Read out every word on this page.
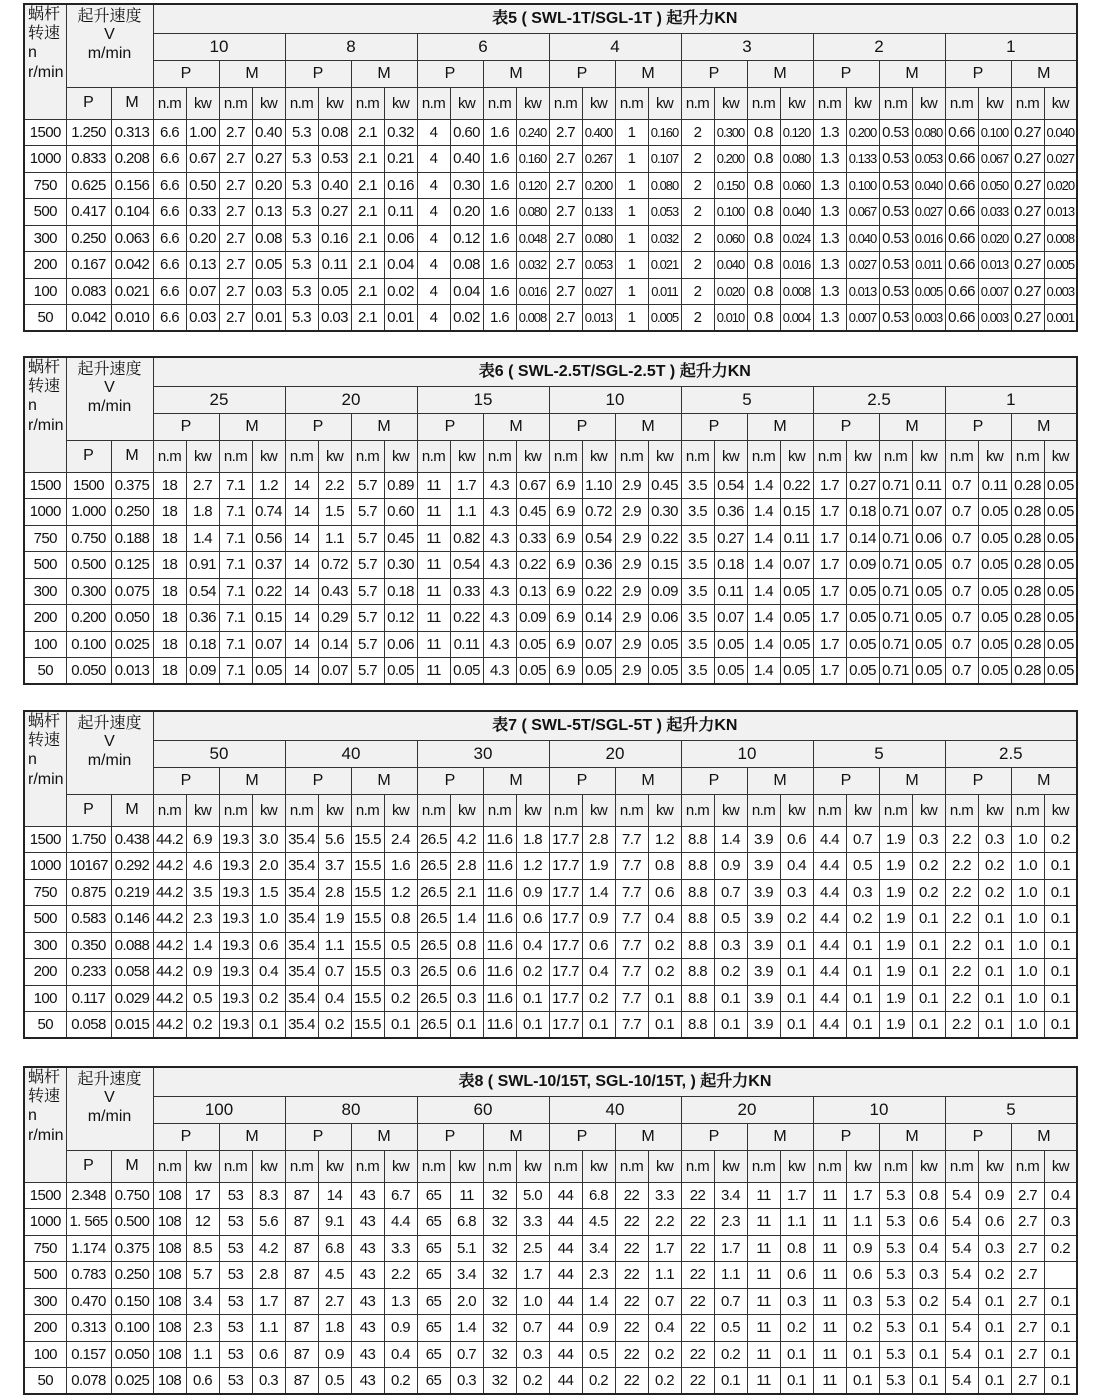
蜗杆
转速
n
r/min	起升速度
V
m/min		表5 ( SWL-1T/SGL-1T ) 起升力KN																											
			10				8				6				4				3				2				1			
			P		M		P		M		P		M		P		M		P		M		P		M		P		M	
	P	M	n.m	kw	n.m	kw	n.m	kw	n.m	kw	n.m	kw	n.m	kw	n.m	kw	n.m	kw	n.m	kw	n.m	kw	n.m	kw	n.m	kw	n.m	kw	n.m	kw
1500	1.250	0.313	6.6	1.00	2.7	0.40	5.3	0.08	2.1	0.32	4	0.60	1.6	0.240	2.7	0.400	1	0.160	2	0.300	0.8	0.120	1.3	0.200	0.53	0.080	0.66	0.100	0.27	0.040
1000	0.833	0.208	6.6	0.67	2.7	0.27	5.3	0.53	2.1	0.21	4	0.40	1.6	0.160	2.7	0.267	1	0.107	2	0.200	0.8	0.080	1.3	0.133	0.53	0.053	0.66	0.067	0.27	0.027
750	0.625	0.156	6.6	0.50	2.7	0.20	5.3	0.40	2.1	0.16	4	0.30	1.6	0.120	2.7	0.200	1	0.080	2	0.150	0.8	0.060	1.3	0.100	0.53	0.040	0.66	0.050	0.27	0.020
500	0.417	0.104	6.6	0.33	2.7	0.13	5.3	0.27	2.1	0.11	4	0.20	1.6	0.080	2.7	0.133	1	0.053	2	0.100	0.8	0.040	1.3	0.067	0.53	0.027	0.66	0.033	0.27	0.013
300	0.250	0.063	6.6	0.20	2.7	0.08	5.3	0.16	2.1	0.06	4	0.12	1.6	0.048	2.7	0.080	1	0.032	2	0.060	0.8	0.024	1.3	0.040	0.53	0.016	0.66	0.020	0.27	0.008
200	0.167	0.042	6.6	0.13	2.7	0.05	5.3	0.11	2.1	0.04	4	0.08	1.6	0.032	2.7	0.053	1	0.021	2	0.040	0.8	0.016	1.3	0.027	0.53	0.011	0.66	0.013	0.27	0.005
100	0.083	0.021	6.6	0.07	2.7	0.03	5.3	0.05	2.1	0.02	4	0.04	1.6	0.016	2.7	0.027	1	0.011	2	0.020	0.8	0.008	1.3	0.013	0.53	0.005	0.66	0.007	0.27	0.003
50	0.042	0.010	6.6	0.03	2.7	0.01	5.3	0.03	2.1	0.01	4	0.02	1.6	0.008	2.7	0.013	1	0.005	2	0.010	0.8	0.004	1.3	0.007	0.53	0.003	0.66	0.003	0.27	0.001
蜗杆
转速
n
r/min	起升速度
V
m/min		表6 ( SWL-2.5T/SGL-2.5T ) 起升力KN																											
			25				20				15				10				5				2.5				1			
			P		M		P		M		P		M		P		M		P		M		P		M		P		M	
	P	M	n.m	kw	n.m	kw	n.m	kw	n.m	kw	n.m	kw	n.m	kw	n.m	kw	n.m	kw	n.m	kw	n.m	kw	n.m	kw	n.m	kw	n.m	kw	n.m	kw
1500	1500	0.375	18	2.7	7.1	1.2	14	2.2	5.7	0.89	11	1.7	4.3	0.67	6.9	1.10	2.9	0.45	3.5	0.54	1.4	0.22	1.7	0.27	0.71	0.11	0.7	0.11	0.28	0.05
1000	1.000	0.250	18	1.8	7.1	0.74	14	1.5	5.7	0.60	11	1.1	4.3	0.45	6.9	0.72	2.9	0.30	3.5	0.36	1.4	0.15	1.7	0.18	0.71	0.07	0.7	0.05	0.28	0.05
750	0.750	0.188	18	1.4	7.1	0.56	14	1.1	5.7	0.45	11	0.82	4.3	0.33	6.9	0.54	2.9	0.22	3.5	0.27	1.4	0.11	1.7	0.14	0.71	0.06	0.7	0.05	0.28	0.05
500	0.500	0.125	18	0.91	7.1	0.37	14	0.72	5.7	0.30	11	0.54	4.3	0.22	6.9	0.36	2.9	0.15	3.5	0.18	1.4	0.07	1.7	0.09	0.71	0.05	0.7	0.05	0.28	0.05
300	0.300	0.075	18	0.54	7.1	0.22	14	0.43	5.7	0.18	11	0.33	4.3	0.13	6.9	0.22	2.9	0.09	3.5	0.11	1.4	0.05	1.7	0.05	0.71	0.05	0.7	0.05	0.28	0.05
200	0.200	0.050	18	0.36	7.1	0.15	14	0.29	5.7	0.12	11	0.22	4.3	0.09	6.9	0.14	2.9	0.06	3.5	0.07	1.4	0.05	1.7	0.05	0.71	0.05	0.7	0.05	0.28	0.05
100	0.100	0.025	18	0.18	7.1	0.07	14	0.14	5.7	0.06	11	0.11	4.3	0.05	6.9	0.07	2.9	0.05	3.5	0.05	1.4	0.05	1.7	0.05	0.71	0.05	0.7	0.05	0.28	0.05
50	0.050	0.013	18	0.09	7.1	0.05	14	0.07	5.7	0.05	11	0.05	4.3	0.05	6.9	0.05	2.9	0.05	3.5	0.05	1.4	0.05	1.7	0.05	0.71	0.05	0.7	0.05	0.28	0.05
蜗杆
转速
n
r/min	起升速度
V
m/min		表7 ( SWL-5T/SGL-5T ) 起升力KN																											
			50				40				30				20				10				5				2.5			
			P		M		P		M		P		M		P		M		P		M		P		M		P		M	
	P	M	n.m	kw	n.m	kw	n.m	kw	n.m	kw	n.m	kw	n.m	kw	n.m	kw	n.m	kw	n.m	kw	n.m	kw	n.m	kw	n.m	kw	n.m	kw	n.m	kw
1500	1.750	0.438	44.2	6.9	19.3	3.0	35.4	5.6	15.5	2.4	26.5	4.2	11.6	1.8	17.7	2.8	7.7	1.2	8.8	1.4	3.9	0.6	4.4	0.7	1.9	0.3	2.2	0.3	1.0	0.2
1000	10167	0.292	44.2	4.6	19.3	2.0	35.4	3.7	15.5	1.6	26.5	2.8	11.6	1.2	17.7	1.9	7.7	0.8	8.8	0.9	3.9	0.4	4.4	0.5	1.9	0.2	2.2	0.2	1.0	0.1
750	0.875	0.219	44.2	3.5	19.3	1.5	35.4	2.8	15.5	1.2	26.5	2.1	11.6	0.9	17.7	1.4	7.7	0.6	8.8	0.7	3.9	0.3	4.4	0.3	1.9	0.2	2.2	0.2	1.0	0.1
500	0.583	0.146	44.2	2.3	19.3	1.0	35.4	1.9	15.5	0.8	26.5	1.4	11.6	0.6	17.7	0.9	7.7	0.4	8.8	0.5	3.9	0.2	4.4	0.2	1.9	0.1	2.2	0.1	1.0	0.1
300	0.350	0.088	44.2	1.4	19.3	0.6	35.4	1.1	15.5	0.5	26.5	0.8	11.6	0.4	17.7	0.6	7.7	0.2	8.8	0.3	3.9	0.1	4.4	0.1	1.9	0.1	2.2	0.1	1.0	0.1
200	0.233	0.058	44.2	0.9	19.3	0.4	35.4	0.7	15.5	0.3	26.5	0.6	11.6	0.2	17.7	0.4	7.7	0.2	8.8	0.2	3.9	0.1	4.4	0.1	1.9	0.1	2.2	0.1	1.0	0.1
100	0.117	0.029	44.2	0.5	19.3	0.2	35.4	0.4	15.5	0.2	26.5	0.3	11.6	0.1	17.7	0.2	7.7	0.1	8.8	0.1	3.9	0.1	4.4	0.1	1.9	0.1	2.2	0.1	1.0	0.1
50	0.058	0.015	44.2	0.2	19.3	0.1	35.4	0.2	15.5	0.1	26.5	0.1	11.6	0.1	17.7	0.1	7.7	0.1	8.8	0.1	3.9	0.1	4.4	0.1	1.9	0.1	2.2	0.1	1.0	0.1
蜗杆
转速
n
r/min	起升速度
V
m/min		表8 ( SWL-10/15T, SGL-10/15T, ) 起升力KN																											
			100				80				60				40				20				10				5			
			P		M		P		M		P		M		P		M		P		M		P		M		P		M	
	P	M	n.m	kw	n.m	kw	n.m	kw	n.m	kw	n.m	kw	n.m	kw	n.m	kw	n.m	kw	n.m	kw	n.m	kw	n.m	kw	n.m	kw	n.m	kw	n.m	kw
1500	2.348	0.750	108	17	53	8.3	87	14	43	6.7	65	11	32	5.0	44	6.8	22	3.3	22	3.4	11	1.7	11	1.7	5.3	0.8	5.4	0.9	2.7	0.4
1000	1. 565	0.500	108	12	53	5.6	87	9.1	43	4.4	65	6.8	32	3.3	44	4.5	22	2.2	22	2.3	11	1.1	11	1.1	5.3	0.6	5.4	0.6	2.7	0.3
750	1.174	0.375	108	8.5	53	4.2	87	6.8	43	3.3	65	5.1	32	2.5	44	3.4	22	1.7	22	1.7	11	0.8	11	0.9	5.3	0.4	5.4	0.3	2.7	0.2
500	0.783	0.250	108	5.7	53	2.8	87	4.5	43	2.2	65	3.4	32	1.7	44	2.3	22	1.1	22	1.1	11	0.6	11	0.6	5.3	0.3	5.4	0.2	2.7	
300	0.470	0.150	108	3.4	53	1.7	87	2.7	43	1.3	65	2.0	32	1.0	44	1.4	22	0.7	22	0.7	11	0.3	11	0.3	5.3	0.2	5.4	0.1	2.7	0.1
200	0.313	0.100	108	2.3	53	1.1	87	1.8	43	0.9	65	1.4	32	0.7	44	0.9	22	0.4	22	0.5	11	0.2	11	0.2	5.3	0.1	5.4	0.1	2.7	0.1
100	0.157	0.050	108	1.1	53	0.6	87	0.9	43	0.4	65	0.7	32	0.3	44	0.5	22	0.2	22	0.2	11	0.1	11	0.1	5.3	0.1	5.4	0.1	2.7	0.1
50	0.078	0.025	108	0.6	53	0.3	87	0.5	43	0.2	65	0.3	32	0.2	44	0.2	22	0.2	22	0.1	11	0.1	11	0.1	5.3	0.1	5.4	0.1	2.7	0.1
